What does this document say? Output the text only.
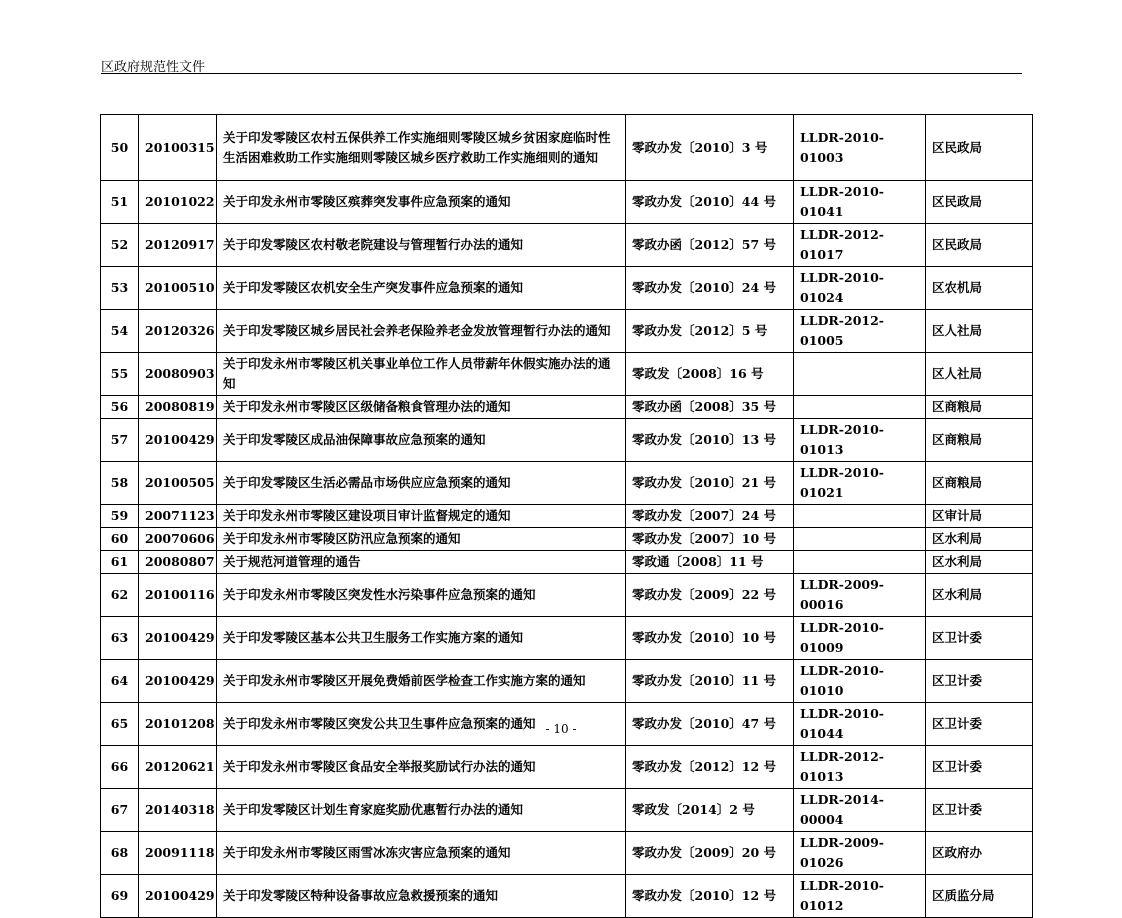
区政府规范性文件
50	20100315	关于印发零陵区农村五保供养工作实施细则零陵区城乡贫困家庭临时性生活困难救助工作实施细则零陵区城乡医疗救助工作实施细则的通知	零政办发〔2010〕3 号	LLDR-2010-01003	区民政局
51	20101022	关于印发永州市零陵区殡葬突发事件应急预案的通知	零政办发〔2010〕44 号	LLDR-2010-01041	区民政局
52	20120917	关于印发零陵区农村敬老院建设与管理暂行办法的通知	零政办函〔2012〕57 号	LLDR-2012-01017	区民政局
53	20100510	关于印发零陵区农机安全生产突发事件应急预案的通知	零政办发〔2010〕24 号	LLDR-2010-01024	区农机局
54	20120326	关于印发零陵区城乡居民社会养老保险养老金发放管理暂行办法的通知	零政办发〔2012〕5 号	LLDR-2012-01005	区人社局
55	20080903	关于印发永州市零陵区机关事业单位工作人员带薪年休假实施办法的通知	零政发〔2008〕16 号		区人社局
56	20080819	关于印发永州市零陵区区级储备粮食管理办法的通知	零政办函〔2008〕35 号		区商粮局
57	20100429	关于印发零陵区成品油保障事故应急预案的通知	零政办发〔2010〕13 号	LLDR-2010-01013	区商粮局
58	20100505	关于印发零陵区生活必需品市场供应应急预案的通知	零政办发〔2010〕21 号	LLDR-2010-01021	区商粮局
59	20071123	关于印发永州市零陵区建设项目审计监督规定的通知	零政办发〔2007〕24 号		区审计局
60	20070606	关于印发永州市零陵区防汛应急预案的通知	零政办发〔2007〕10 号		区水利局
61	20080807	关于规范河道管理的通告	零政通〔2008〕11 号		区水利局
62	20100116	关于印发永州市零陵区突发性水污染事件应急预案的通知	零政办发〔2009〕22 号	LLDR-2009-00016	区水利局
63	20100429	关于印发零陵区基本公共卫生服务工作实施方案的通知	零政办发〔2010〕10 号	LLDR-2010-01009	区卫计委
64	20100429	关于印发永州市零陵区开展免费婚前医学检查工作实施方案的通知	零政办发〔2010〕11 号	LLDR-2010-01010	区卫计委
65	20101208	关于印发永州市零陵区突发公共卫生事件应急预案的通知	零政办发〔2010〕47 号	LLDR-2010-01044	区卫计委
66	20120621	关于印发永州市零陵区食品安全举报奖励试行办法的通知	零政办发〔2012〕12 号	LLDR-2012-01013	区卫计委
67	20140318	关于印发零陵区计划生育家庭奖励优惠暂行办法的通知	零政发〔2014〕2 号	LLDR-2014-00004	区卫计委
68	20091118	关于印发永州市零陵区雨雪冰冻灾害应急预案的通知	零政办发〔2009〕20 号	LLDR-2009-01026	区政府办
69	20100429	关于印发零陵区特种设备事故应急救援预案的通知	零政办发〔2010〕12 号	LLDR-2010-01012	区质监分局
- 10 -
